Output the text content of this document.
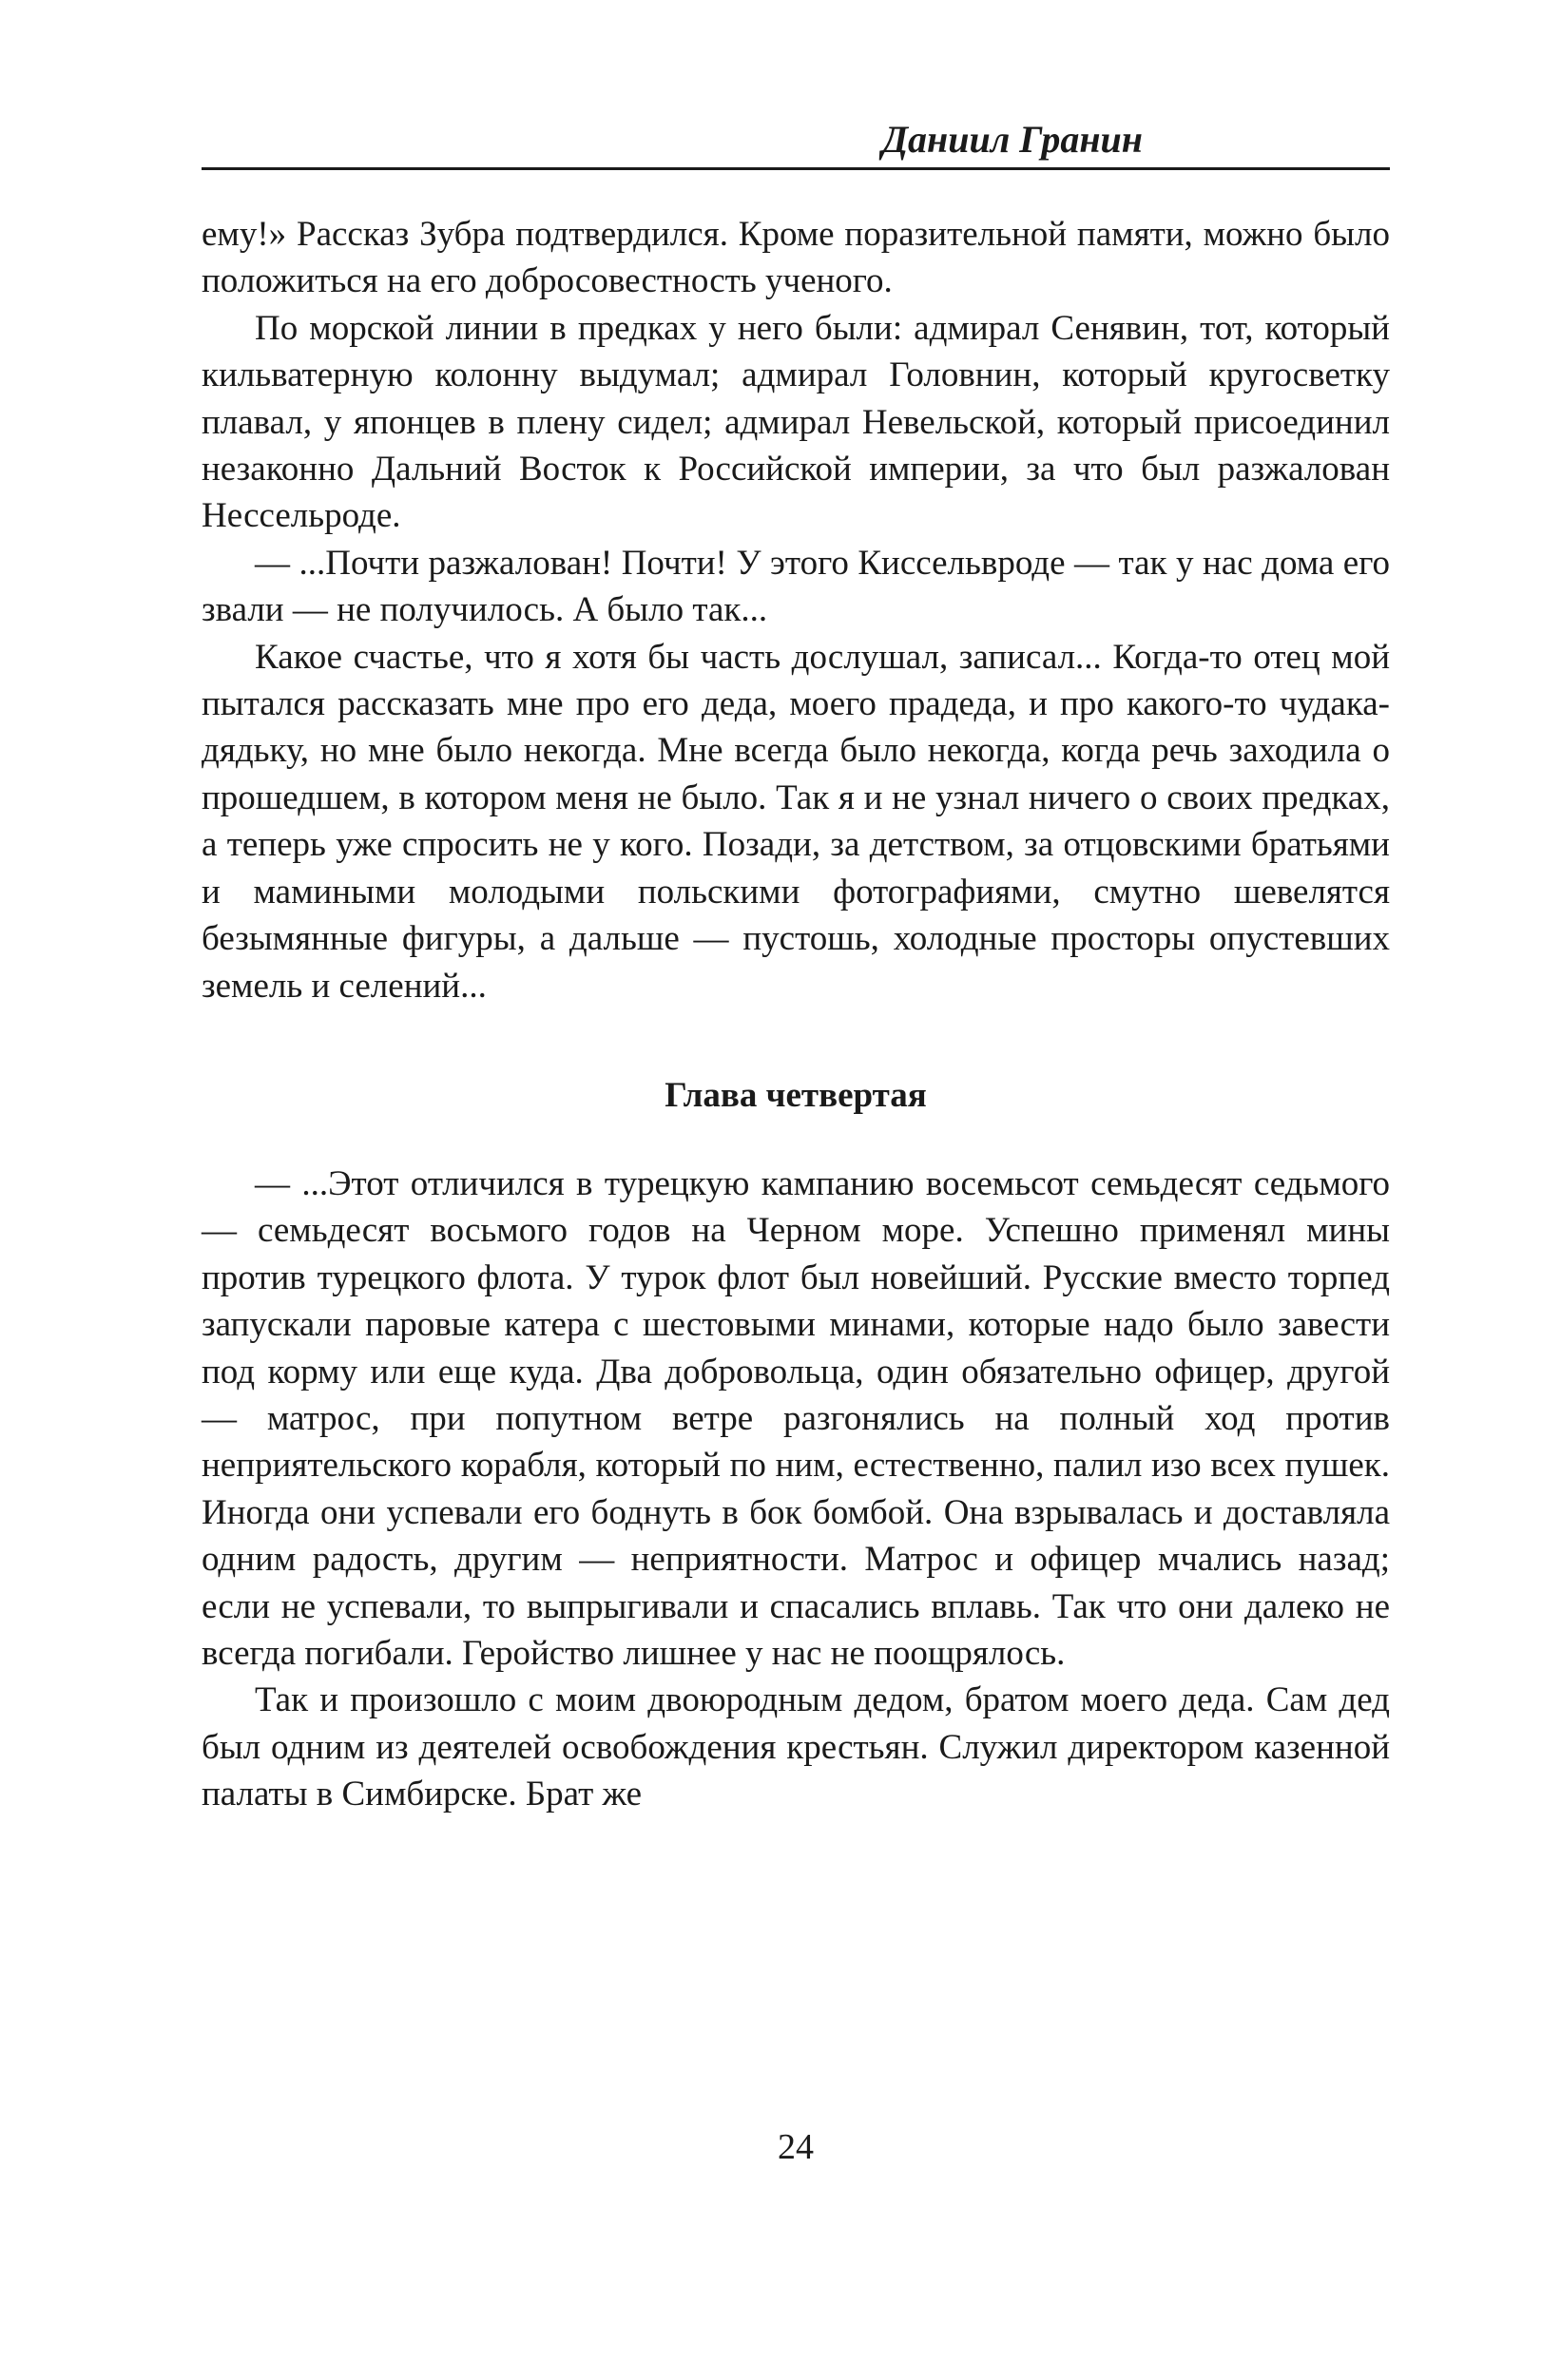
Даниил Гранин

ему!» Рассказ Зубра подтвердился. Кроме поразительной памяти, можно было положиться на его добросовестность ученого.

По морской линии в предках у него были: адмирал Сенявин, тот, который кильватерную колонну выдумал; адмирал Головнин, который кругосветку плавал, у японцев в плену сидел; адмирал Невельской, который присоединил незаконно Дальний Восток к Российской империи, за что был разжалован Нессельроде.

— ...Почти разжалован! Почти! У этого Киссельвроде — так у нас дома его звали — не получилось. А было так...

Какое счастье, что я хотя бы часть дослушал, записал... Когда-то отец мой пытался рассказать мне про его деда, моего прадеда, и про какого-то чудака-дядьку, но мне было некогда. Мне всегда было некогда, когда речь заходила о прошедшем, в котором меня не было. Так я и не узнал ничего о своих предках, а теперь уже спросить не у кого. Позади, за детством, за отцовскими братьями и мамиными молодыми польскими фотографиями, смутно шевелятся безымянные фигуры, а дальше — пустошь, холодные просторы опустевших земель и селений...

Глава четвертая

— ...Этот отличился в турецкую кампанию восемьсот семьдесят седьмого — семьдесят восьмого годов на Черном море. Успешно применял мины против турецкого флота. У турок флот был новейший. Русские вместо торпед запускали паровые катера с шестовыми минами, которые надо было завести под корму или еще куда. Два добровольца, один обязательно офицер, другой — матрос, при попутном ветре разгонялись на полный ход против неприятельского корабля, который по ним, естественно, палил изо всех пушек. Иногда они успевали его боднуть в бок бомбой. Она взрывалась и доставляла одним радость, другим — неприятности. Матрос и офицер мчались назад; если не успевали, то выпрыгивали и спасались вплавь. Так что они далеко не всегда погибали. Геройство лишнее у нас не поощрялось.

Так и произошло с моим двоюродным дедом, братом моего деда. Сам дед был одним из деятелей освобождения крестьян. Служил директором казенной палаты в Симбирске. Брат же

24
